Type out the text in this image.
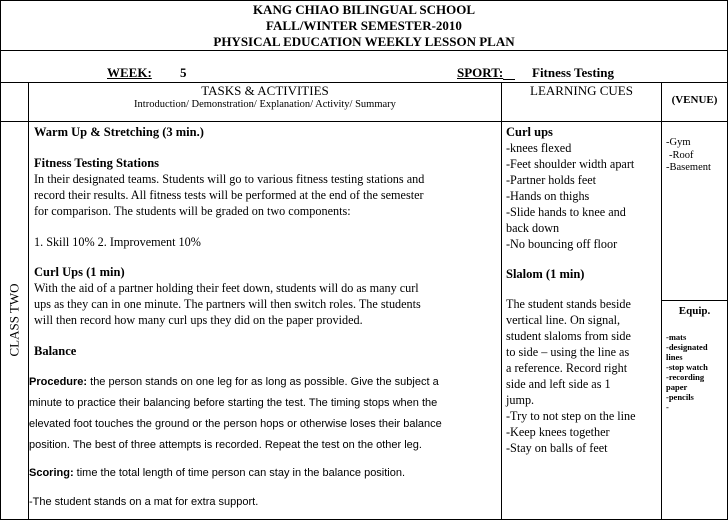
KANG CHIAO BILINGUAL SCHOOL
FALL/WINTER SEMESTER-2010
PHYSICAL EDUCATION WEEKLY LESSON PLAN
WEEK: 5	SPORT: Fitness Testing
TASKS & ACTIVITIES
Introduction/ Demonstration/ Explanation/ Activity/ Summary
LEARNING CUES
(VENUE)
CLASS TWO

Warm Up & Stretching (3 min.)

Fitness Testing Stations

In their designated teams. Students will go to various fitness testing stations and

record their results. All fitness tests will be performed at the end of the semester

for comparison. The students will be graded on two components:

1. Skill 10% 2. Improvement 10%

Curl Ups (1 min)

With the aid of a partner holding their feet down, students will do as many curl

ups as they can in one minute. The partners will then switch roles. The students

will then record how many curl ups they did on the paper provided.

Balance

Procedure: the person stands on one leg for as long as possible. Give the subject a
minute to practice their balancing before starting the test. The timing stops when the
elevated foot touches the ground or the person hops or otherwise loses their balance
position. The best of three attempts is recorded. Repeat the test on the other leg.
Scoring: time the total length of time person can stay in the balance position.
-The student stands on a mat for extra support.

Curl ups

-knees flexed

-Feet shoulder width apart

-Partner holds feet

-Hands on thighs

-Slide hands to knee and

back down

-No bouncing off floor

Slalom (1 min)

The student stands beside

vertical line. On signal,

student slaloms from side

to side – using the line as

a reference. Record right

side and left side as 1

jump.

-Try to not step on the line

-Keep knees together

-Stay on balls of feet

-Gym
-Roof
-Basement
Equip.
-mats
-designated
lines
-stop watch
-recording
paper
-pencils
-
